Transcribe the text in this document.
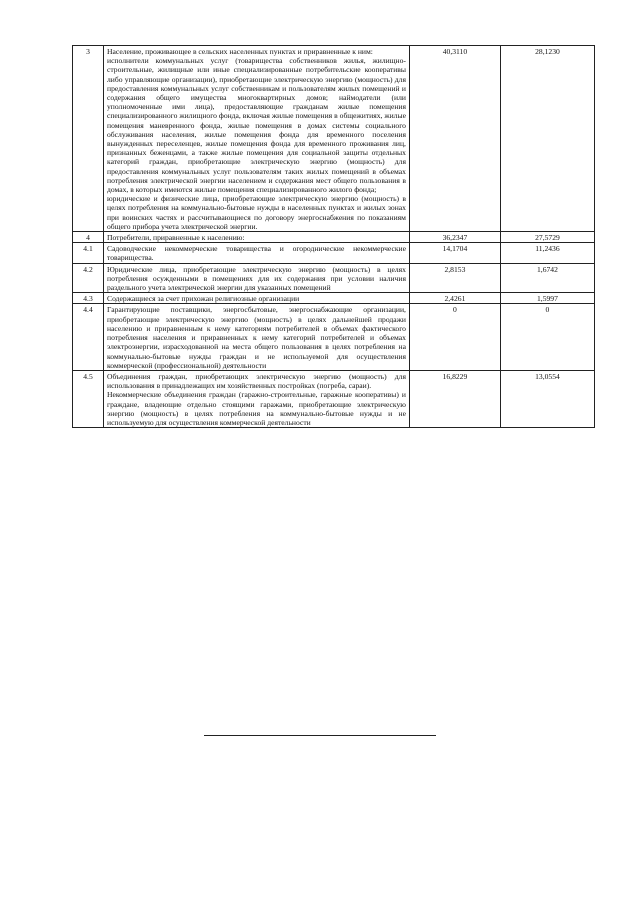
3	Население, проживающее в сельских населенных пунктах и приравненные к ним:

исполнители коммунальных услуг (товарищества собственников жилья, жилищно-строительные, жилищные или иные специализированные потребительские кооперативы либо управляющие организации), приобретающие электрическую энергию (мощность) для предоставления коммунальных услуг собственникам и пользователям жилых помещений и содержания общего имущества многоквартирных домов; наймодатели (или уполномоченные ими лица), предоставляющие гражданам жилые помещения специализированного жилищного фонда, включая жилые помещения в общежитиях, жилые помещения маневренного фонда, жилые помещения в домах системы социального обслуживания населения, жилые помещения фонда для временного поселения вынужденных переселенцев, жилые помещения фонда для временного проживания лиц, признанных беженцами, а также жилые помещения для социальной защиты отдельных категорий граждан, приобретающие электрическую энергию (мощность) для предоставления коммунальных услуг пользователям таких жилых помещений в объемах потребления электрической энергии населением и содержания мест общего пользования в домах, в которых имеются жилые помещения специализированного жилого фонда;

юридические и физические лица, приобретающие электрическую энергию (мощность) в целях потребления на коммунально-бытовые нужды в населенных пунктах и жилых зонах при воинских частях и рассчитывающиеся по договору энергоснабжения по показаниям общего прибора учета электрической энергии.	40,3110	28,1230
4	Потребители, приравненные к населению:	36,2347	27,5729
4.1	Садоводческие некоммерческие товарищества и огороднические некоммерческие товарищества.	14,1704	11,2436
4.2	Юридические лица, приобретающие электрическую энергию (мощность) в целях потребления осужденными в помещениях для их содержания при условии наличия раздельного учета электрической энергии для указанных помещений	2,8153	1,6742
4.3	Содержащиеся за счет прихожан религиозные организации	2,4261	1,5997
4.4	Гарантирующие поставщики, энергосбытовые, энергоснабжающие организации, приобретающие электрическую энергию (мощность) в целях дальнейшей продажи населению и приравненным к нему категориям потребителей в объемах фактического потребления населения и приравненных к нему категорий потребителей и объемах электроэнергии, израсходованной на места общего пользования в целях потребления на коммунально-бытовые нужды граждан и не используемой для осуществления коммерческой (профессиональной) деятельности	0	0
4.5	Объединения граждан, приобретающих электрическую энергию (мощность) для использования в принадлежащих им хозяйственных постройках (погреба, сараи).

Некоммерческие объединения граждан (гаражно-строительные, гаражные кооперативы) и граждане, владеющие отдельно стоящими гаражами, приобретающие электрическую энергию (мощность) в целях потребления на коммунально-бытовые нужды и не используемую для осуществления коммерческой деятельности	16,8229	13,0554
